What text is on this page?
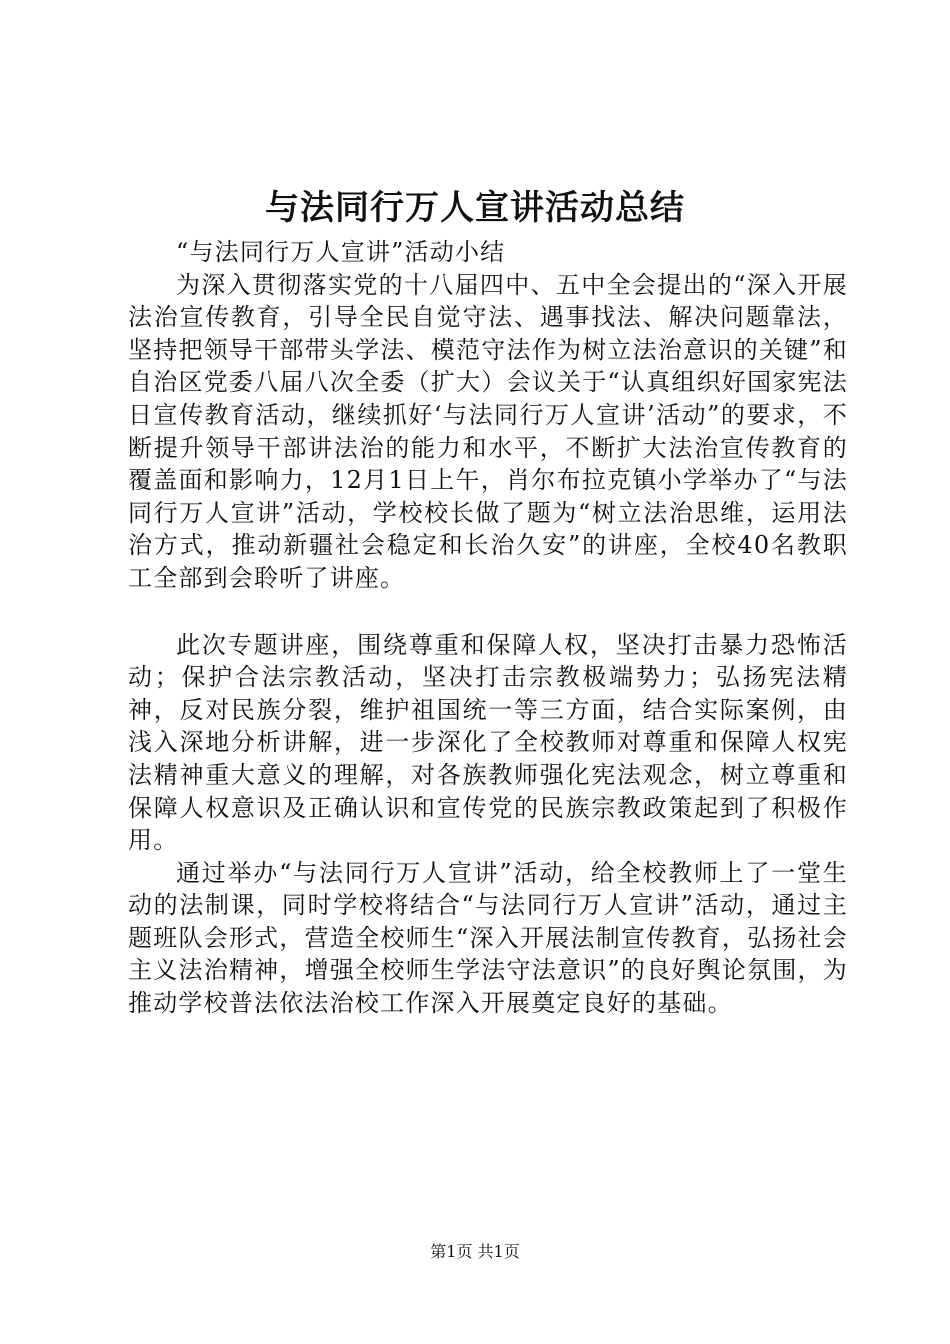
与法同行万人宣讲活动总结

“与法同行万人宣讲”活动小结

为深入贯彻落实党的十八届四中、五中全会提出的“深入开展法治宣传教育，引导全民自觉守法、遇事找法、解决问题靠法，坚持把领导干部带头学法、模范守法作为树立法治意识的关键”和自治区党委八届八次全委（扩大）会议关于“认真组织好国家宪法日宣传教育活动，继续抓好‘与法同行万人宣讲’活动”的要求，不断提升领导干部讲法治的能力和水平，不断扩大法治宣传教育的覆盖面和影响力，12月1日上午，肖尔布拉克镇小学举办了“与法同行万人宣讲”活动，学校校长做了题为“树立法治思维，运用法治方式，推动新疆社会稳定和长治久安”的讲座，全校40名教职工全部到会聆听了讲座。

此次专题讲座，围绕尊重和保障人权，坚决打击暴力恐怖活动；保护合法宗教活动，坚决打击宗教极端势力；弘扬宪法精神，反对民族分裂，维护祖国统一等三方面，结合实际案例，由浅入深地分析讲解，进一步深化了全校教师对尊重和保障人权宪法精神重大意义的理解，对各族教师强化宪法观念，树立尊重和保障人权意识及正确认识和宣传党的民族宗教政策起到了积极作用。

通过举办“与法同行万人宣讲”活动，给全校教师上了一堂生动的法制课，同时学校将结合“与法同行万人宣讲”活动，通过主题班队会形式，营造全校师生“深入开展法制宣传教育，弘扬社会主义法治精神，增强全校师生学法守法意识”的良好舆论氛围，为推动学校普法依法治校工作深入开展奠定良好的基础。

第1页 共1页
